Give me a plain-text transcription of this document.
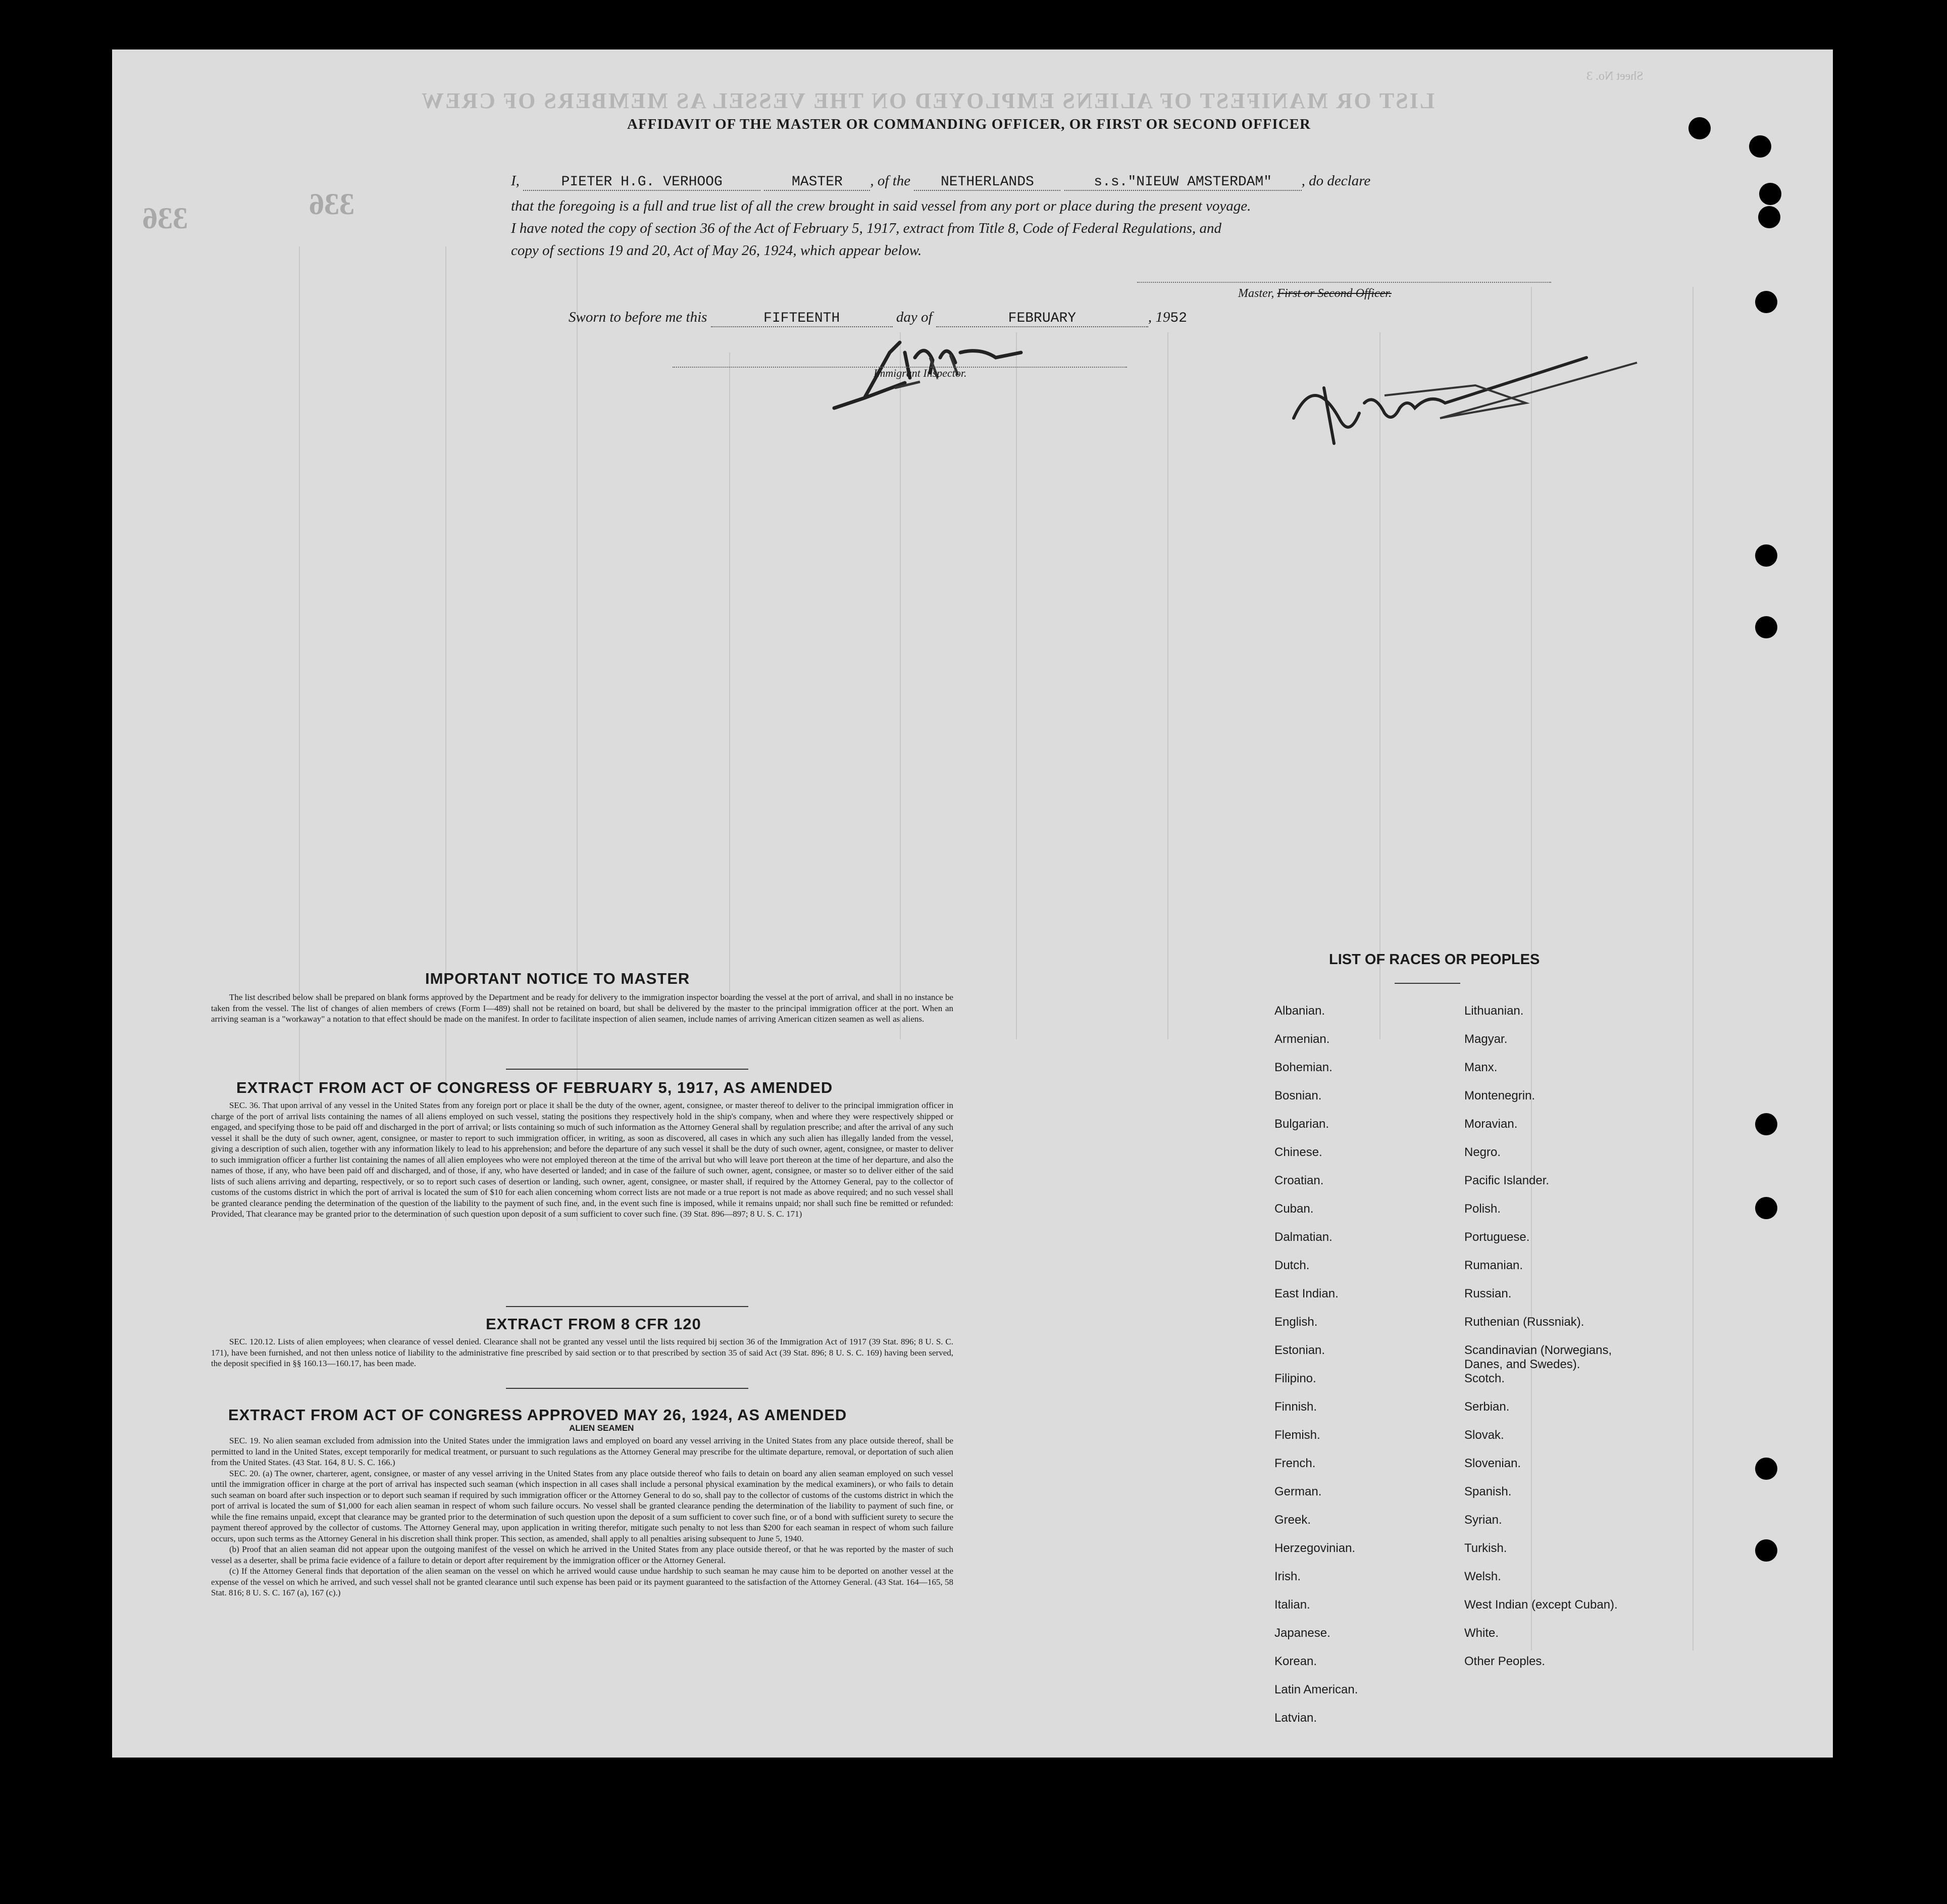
LIST OR MANIFEST OF ALIENS EMPLOYED ON THE VESSEL AS MEMBERS OF CREW
Sheet No. 3
336	336
AFFIDAVIT OF THE MASTER OR COMMANDING OFFICER, OR FIRST OR SECOND OFFICER
I,	PIETER H.G. VERHOOG	MASTER , of the NETHERLANDS	s.s."NIEUW AMSTERDAM" , do declare
that the foregoing is a full and true list of all the crew brought in said vessel from any port or place during the present voyage.
I have noted the copy of section 36 of the Act of February 5, 1917, extract from Title 8, Code of Federal Regulations, and
copy of sections 19 and 20, Act of May 26, 1924, which appear below.
Master, First or Second Officer.
Sworn to before me this	FIFTEENTH	day of	FEBRUARY	, 1952
Immigrant Inspector.
IMPORTANT NOTICE TO MASTER
The list described below shall be prepared on blank forms approved by the Department and be ready for delivery to the immigration inspector boarding the vessel at the port of arrival, and shall in no instance be taken from the vessel. The list of changes of alien members of crews (Form I—489) shall not be retained on board, but shall be delivered by the master to the principal immigration officer at the port. When an arriving seaman is a "workaway" a notation to that effect should be made on the manifest. In order to facilitate inspection of alien seamen, include names of arriving American citizen seamen as well as aliens.
EXTRACT FROM ACT OF CONGRESS OF FEBRUARY 5, 1917, AS AMENDED
SEC. 36. That upon arrival of any vessel in the United States from any foreign port or place it shall be the duty of the owner, agent, consignee, or master thereof to deliver to the principal immigration officer in charge of the port of arrival lists containing the names of all aliens employed on such vessel, stating the positions they respectively hold in the ship's company, when and where they were respectively shipped or engaged, and specifying those to be paid off and discharged in the port of arrival; or lists containing so much of such information as the Attorney General shall by regulation prescribe; and after the arrival of any such vessel it shall be the duty of such owner, agent, consignee, or master to report to such immigration officer, in writing, as soon as discovered, all cases in which any such alien has illegally landed from the vessel, giving a description of such alien, together with any information likely to lead to his apprehension; and before the departure of any such vessel it shall be the duty of such owner, agent, consignee, or master to deliver to such immigration officer a further list containing the names of all alien employees who were not employed thereon at the time of the arrival but who will leave port thereon at the time of her departure, and also the names of those, if any, who have been paid off and discharged, and of those, if any, who have deserted or landed; and in case of the failure of such owner, agent, consignee, or master so to deliver either of the said lists of such aliens arriving and departing, respectively, or so to report such cases of desertion or landing, such owner, agent, consignee, or master shall, if required by the Attorney General, pay to the collector of customs of the customs district in which the port of arrival is located the sum of $10 for each alien concerning whom correct lists are not made or a true report is not made as above required; and no such vessel shall be granted clearance pending the determination of the question of the liability to the payment of such fine, and, in the event such fine is imposed, while it remains unpaid; nor shall such fine be remitted or refunded: Provided, That clearance may be granted prior to the determination of such question upon deposit of a sum sufficient to cover such fine. (39 Stat. 896—897; 8 U. S. C. 171)
EXTRACT FROM 8 CFR 120
SEC. 120.12. Lists of alien employees; when clearance of vessel denied. Clearance shall not be granted any vessel until the lists required bij section 36 of the Immigration Act of 1917 (39 Stat. 896; 8 U. S. C. 171), have been furnished, and not then unless notice of liability to the administrative fine prescribed by said section or to that prescribed by section 35 of said Act (39 Stat. 896; 8 U. S. C. 169) having been served, the deposit specified in §§ 160.13—160.17, has been made.
EXTRACT FROM ACT OF CONGRESS APPROVED MAY 26, 1924, AS AMENDED
ALIEN SEAMEN
SEC. 19. No alien seaman excluded from admission into the United States under the immigration laws and employed on board any vessel arriving in the United States from any place outside thereof, shall be permitted to land in the United States, except temporarily for medical treatment, or pursuant to such regulations as the Attorney General may prescribe for the ultimate departure, removal, or deportation of such alien from the United States. (43 Stat. 164, 8 U. S. C. 166.)
SEC. 20. (a) The owner, charterer, agent, consignee, or master of any vessel arriving in the United States from any place outside thereof who fails to detain on board any alien seaman employed on such vessel until the immigration officer in charge at the port of arrival has inspected such seaman (which inspection in all cases shall include a personal physical examination by the medical examiners), or who fails to detain such seaman on board after such inspection or to deport such seaman if required by such immigration officer or the Attorney General to do so, shall pay to the collector of customs of the customs district in which the port of arrival is located the sum of $1,000 for each alien seaman in respect of whom such failure occurs. No vessel shall be granted clearance pending the determination of the liability to payment of such fine, or while the fine remains unpaid, except that clearance may be granted prior to the determination of such question upon the deposit of a sum sufficient to cover such fine, or of a bond with sufficient surety to secure the payment thereof approved by the collector of customs. The Attorney General may, upon application in writing therefor, mitigate such penalty to not less than $200 for each seaman in respect of whom such failure occurs, upon such terms as the Attorney General in his discretion shall think proper. This section, as amended, shall apply to all penalties arising subsequent to June 5, 1940.
(b) Proof that an alien seaman did not appear upon the outgoing manifest of the vessel on which he arrived in the United States from any place outside thereof, or that he was reported by the master of such vessel as a deserter, shall be prima facie evidence of a failure to detain or deport after requirement by the immigration officer or the Attorney General.
(c) If the Attorney General finds that deportation of the alien seaman on the vessel on which he arrived would cause undue hardship to such seaman he may cause him to be deported on another vessel at the expense of the vessel on which he arrived, and such vessel shall not be granted clearance until such expense has been paid or its payment guaranteed to the satisfaction of the Attorney General. (43 Stat. 164—165, 58 Stat. 816; 8 U. S. C. 167 (a), 167 (c).)
LIST OF RACES OR PEOPLES
Albanian.
Armenian.
Bohemian.
Bosnian.
Bulgarian.
Chinese.
Croatian.
Cuban.
Dalmatian.
Dutch.
East Indian.
English.
Estonian.
Filipino.
Finnish.
Flemish.
French.
German.
Greek.
Herzegovinian.
Irish.
Italian.
Japanese.
Korean.
Latin American.
Latvian.
Lithuanian.
Magyar.
Manx.
Montenegrin.
Moravian.
Negro.
Pacific Islander.
Polish.
Portuguese.
Rumanian.
Russian.
Ruthenian (Russniak).
Scandinavian (Norwegians, Danes, and Swedes).
Scotch.
Serbian.
Slovak.
Slovenian.
Spanish.
Syrian.
Turkish.
Welsh.
West Indian (except Cuban).
White.
Other Peoples.
